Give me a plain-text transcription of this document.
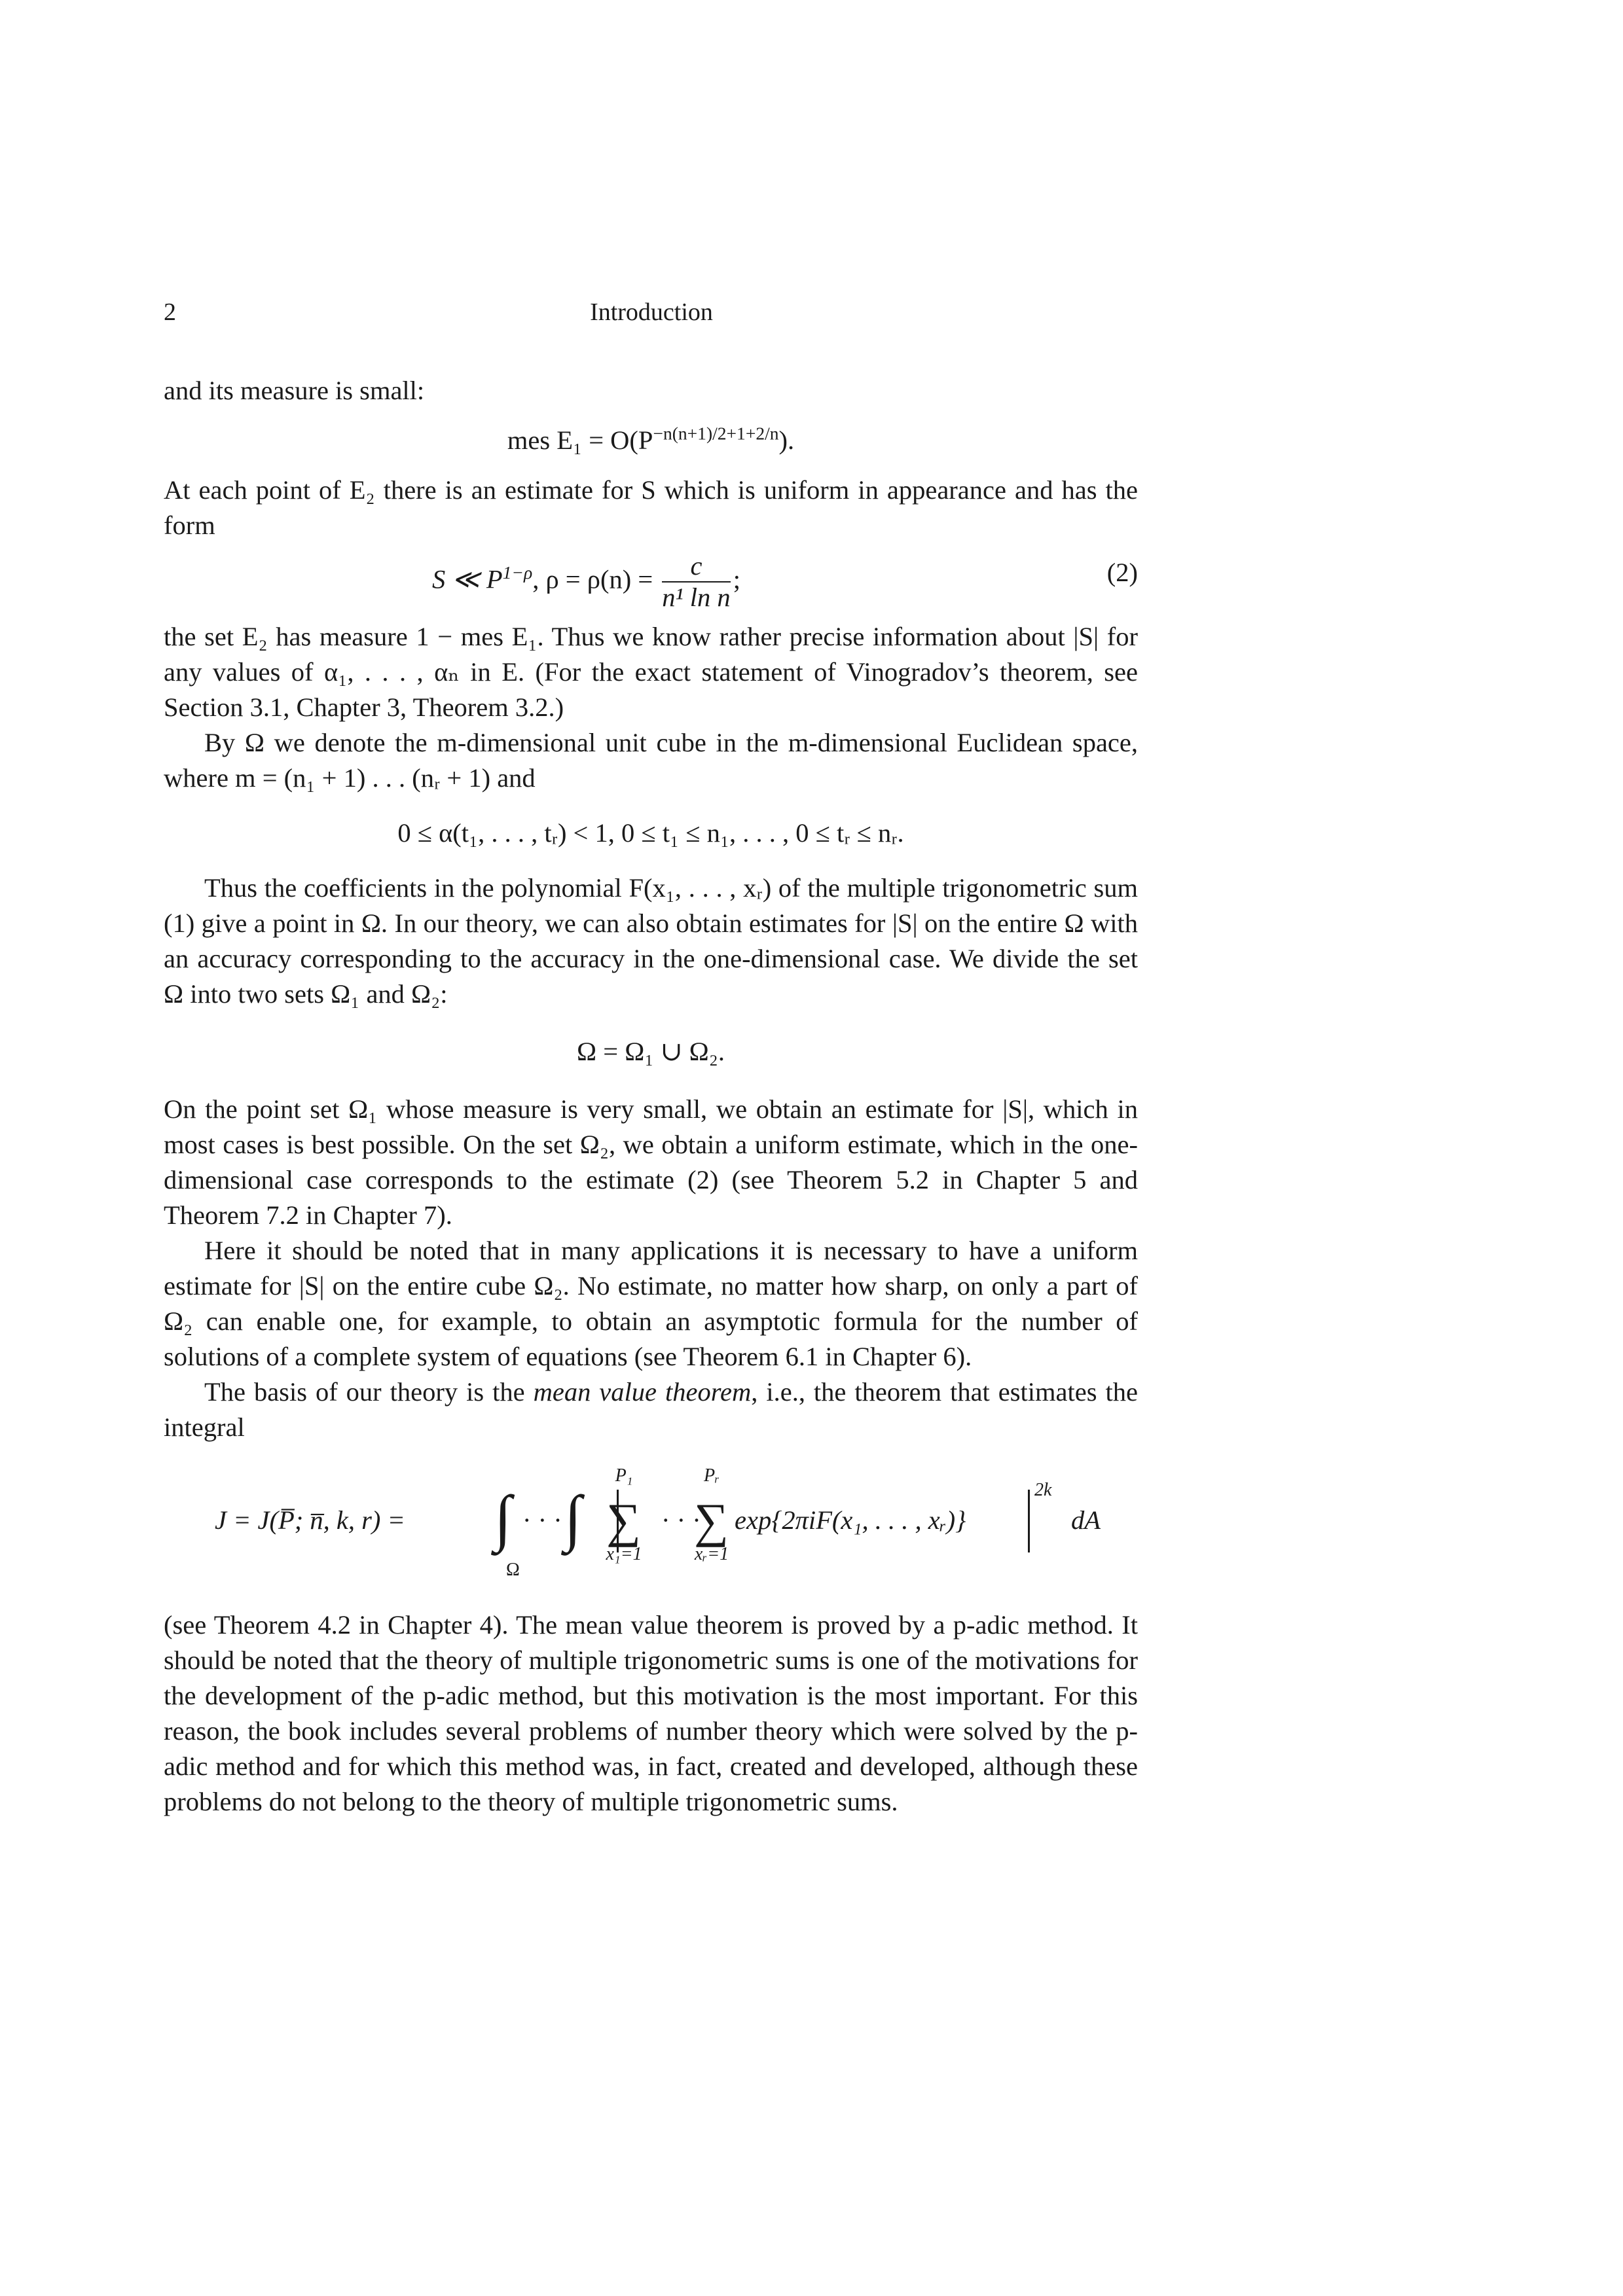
2	Introduction

and its measure is small:

mes $E_1 = O(P^{-n(n+1)/2+1+2/n})$.

At each point of E₂ there is an estimate for S which is uniform in appearance and has the form

S ≪ $P^{1-\rho}$, $\rho = \rho(n) = \frac{c}{\text{n¹ ln n}}$ ;	(2)

the set E₂ has measure 1 − mes E₁. Thus we know rather precise information about |S| for any values of α₁, . . . , αₙ in E. (For the exact statement of Vinogradov’s theorem, see Section 3.1, Chapter 3, Theorem 3.2.)

By Ω we denote the m-dimensional unit cube in the m-dimensional Euclidean space, where m = (n₁ + 1) . . . (nᵣ + 1) and

0 ≤ α(t₁, . . . , tᵣ) < 1, 0 ≤ t₁ ≤ n₁, . . . , 0 ≤ tᵣ ≤ nᵣ.

Thus the coefficients in the polynomial F(x₁, . . . , xᵣ) of the multiple trigonometric sum (1) give a point in Ω. In our theory, we can also obtain estimates for |S| on the entire Ω with an accuracy corresponding to the accuracy in the one-dimensional case. We divide the set Ω into two sets Ω₁ and Ω₂:

Ω = Ω₁ ∪ Ω₂.

On the point set Ω₁ whose measure is very small, we obtain an estimate for |S|, which in most cases is best possible. On the set Ω₂, we obtain a uniform estimate, which in the one-dimensional case corresponds to the estimate (2) (see Theorem 5.2 in Chapter 5 and Theorem 7.2 in Chapter 7).

Here it should be noted that in many applications it is necessary to have a uniform estimate for |S| on the entire cube Ω₂. No estimate, no matter how sharp, on only a part of Ω₂ can enable one, for example, to obtain an asymptotic formula for the number of solutions of a complete system of equations (see Theorem 6.1 in Chapter 6).

The basis of our theory is the mean value theorem, i.e., the theorem that estimates the integral

J = J(P̅; n̅, k, r) = ∫ · · · ∫
Ω
P₁
∑
x₁=1
· · ·
Pᵣ
∑
xᵣ=1
exp{2πiF(x₁, . . . , xᵣ)}
2k
dA

(see Theorem 4.2 in Chapter 4). The mean value theorem is proved by a p-adic method. It should be noted that the theory of multiple trigonometric sums is one of the motivations for the development of the p-adic method, but this motivation is the most important. For this reason, the book includes several problems of number theory which were solved by the p-adic method and for which this method was, in fact, created and developed, although these problems do not belong to the theory of multiple trigonometric sums.
